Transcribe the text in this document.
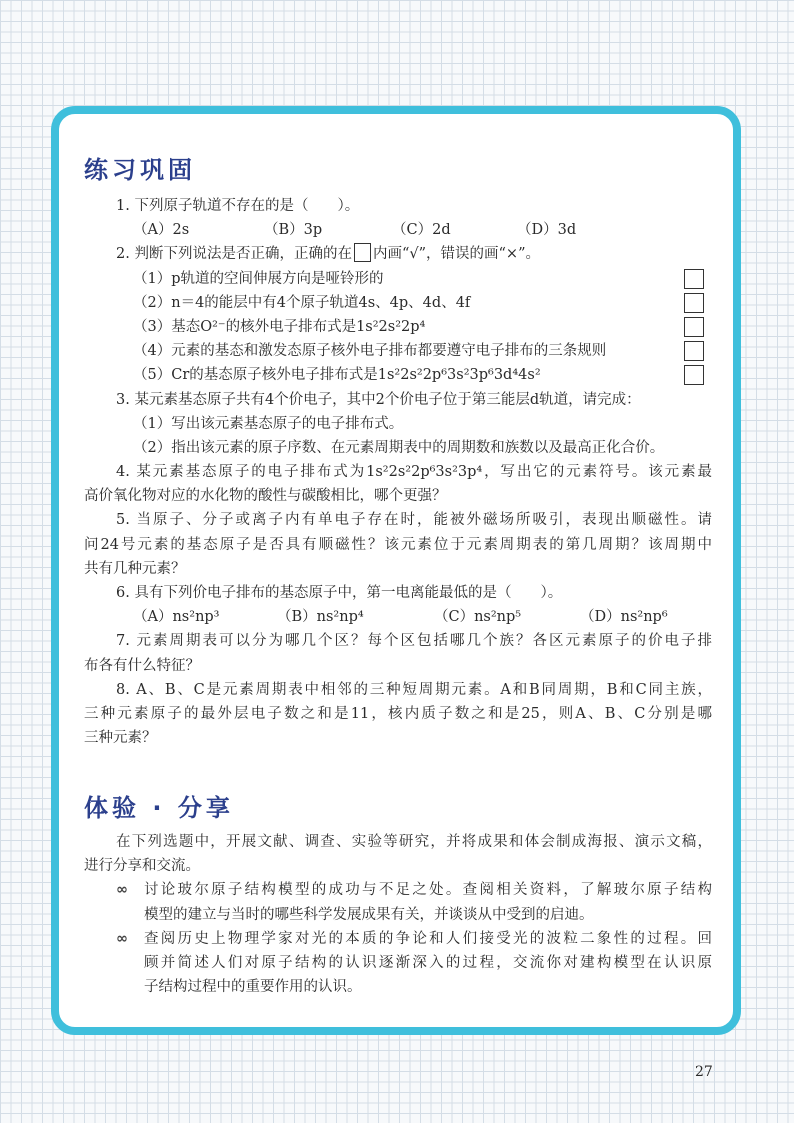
练习巩固
1. 下列原子轨道不存在的是（　　）。
（A）2s	（B）3p	（C）2d	（D）3d
2. 判断下列说法是否正确，正确的在 内画“√”，错误的画“×”。
（1）p轨道的空间伸展方向是哑铃形的
（2）n＝4的能层中有4个原子轨道4s、4p、4d、4f
（3）基态O²⁻的核外电子排布式是1s²2s²2p⁴
（4）元素的基态和激发态原子核外电子排布都要遵守电子排布的三条规则
（5）Cr的基态原子核外电子排布式是1s²2s²2p⁶3s²3p⁶3d⁴4s²
3. 某元素基态原子共有4个价电子，其中2个价电子位于第三能层d轨道，请完成：
（1）写出该元素基态原子的电子排布式。
（2）指出该元素的原子序数、在元素周期表中的周期数和族数以及最高正化合价。
4. 某元素基态原子的电子排布式为1s²2s²2p⁶3s²3p⁴，写出它的元素符号。该元素最
高价氧化物对应的水化物的酸性与碳酸相比，哪个更强？
5. 当原子、分子或离子内有单电子存在时，能被外磁场所吸引，表现出顺磁性。请
问24号元素的基态原子是否具有顺磁性？该元素位于元素周期表的第几周期？该周期中
共有几种元素？
6. 具有下列价电子排布的基态原子中，第一电离能最低的是（　　）。
（A）ns²np³	（B）ns²np⁴	（C）ns²np⁵	（D）ns²np⁶
7. 元素周期表可以分为哪几个区？每个区包括哪几个族？各区元素原子的价电子排
布各有什么特征？
8. A、B、C是元素周期表中相邻的三种短周期元素。A和B同周期，B和C同主族，
三种元素原子的最外层电子数之和是11，核内质子数之和是25，则A、B、C分别是哪
三种元素？
体验 · 分享
在下列选题中，开展文献、调查、实验等研究，并将成果和体会制成海报、演示文稿，
进行分享和交流。
∞ 讨论玻尔原子结构模型的成功与不足之处。查阅相关资料，了解玻尔原子结构
模型的建立与当时的哪些科学发展成果有关，并谈谈从中受到的启迪。
∞ 查阅历史上物理学家对光的本质的争论和人们接受光的波粒二象性的过程。回
顾并简述人们对原子结构的认识逐渐深入的过程，交流你对建构模型在认识原
子结构过程中的重要作用的认识。
27
